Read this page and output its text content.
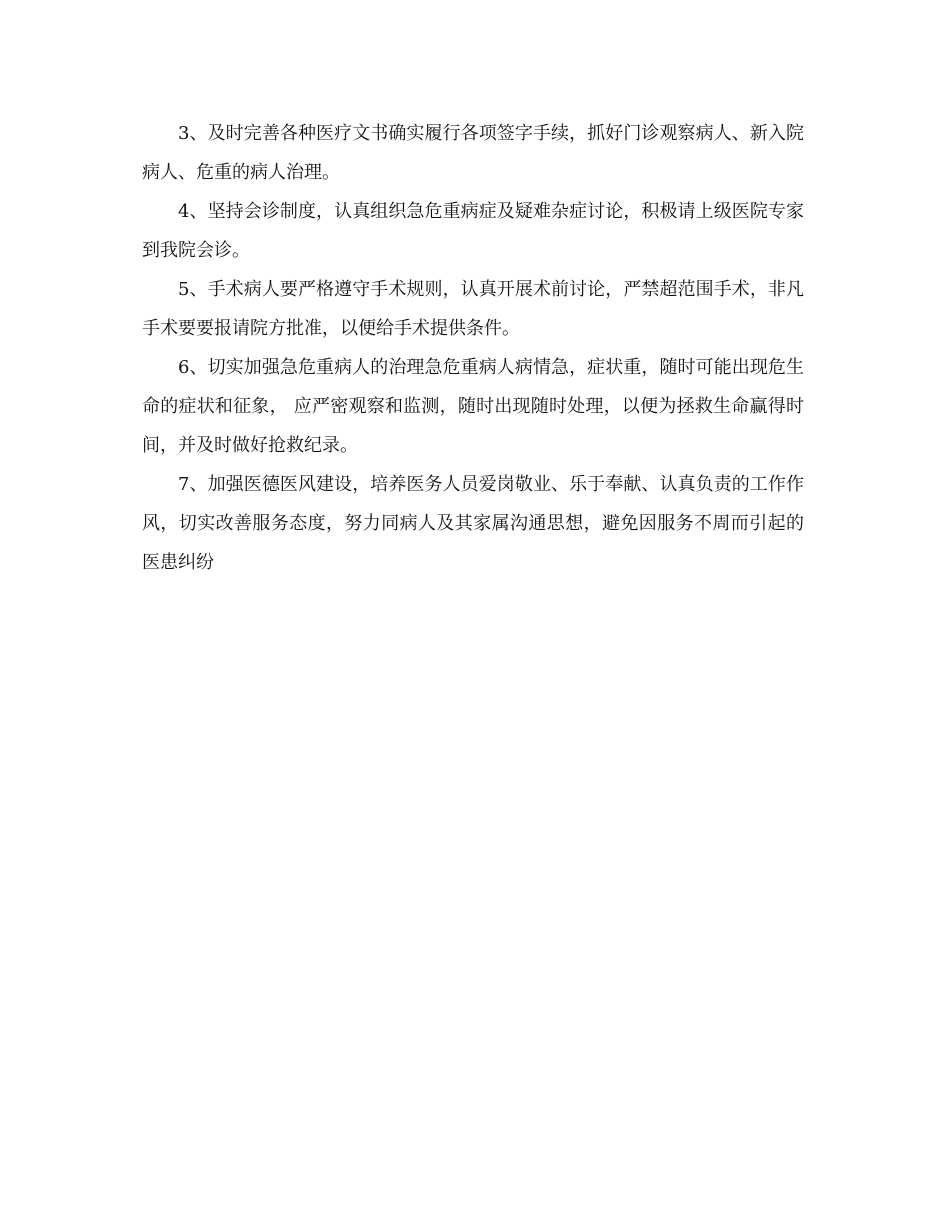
3、及时完善各种医疗文书确实履行各项签字手续，抓好门诊观察病人、新入院病人、危重的病人治理。

4、坚持会诊制度，认真组织急危重病症及疑难杂症讨论，积极请上级医院专家到我院会诊。

5、手术病人要严格遵守手术规则，认真开展术前讨论，严禁超范围手术，非凡手术要要报请院方批准，以便给手术提供条件。

6、切实加强急危重病人的治理急危重病人病情急，症状重，随时可能出现危生命的症状和征象， 应严密观察和监测，随时出现随时处理，以便为拯救生命赢得时间，并及时做好抢救纪录。

7、加强医德医风建设，培养医务人员爱岗敬业、乐于奉献、认真负责的工作作风，切实改善服务态度，努力同病人及其家属沟通思想，避免因服务不周而引起的医患纠纷
